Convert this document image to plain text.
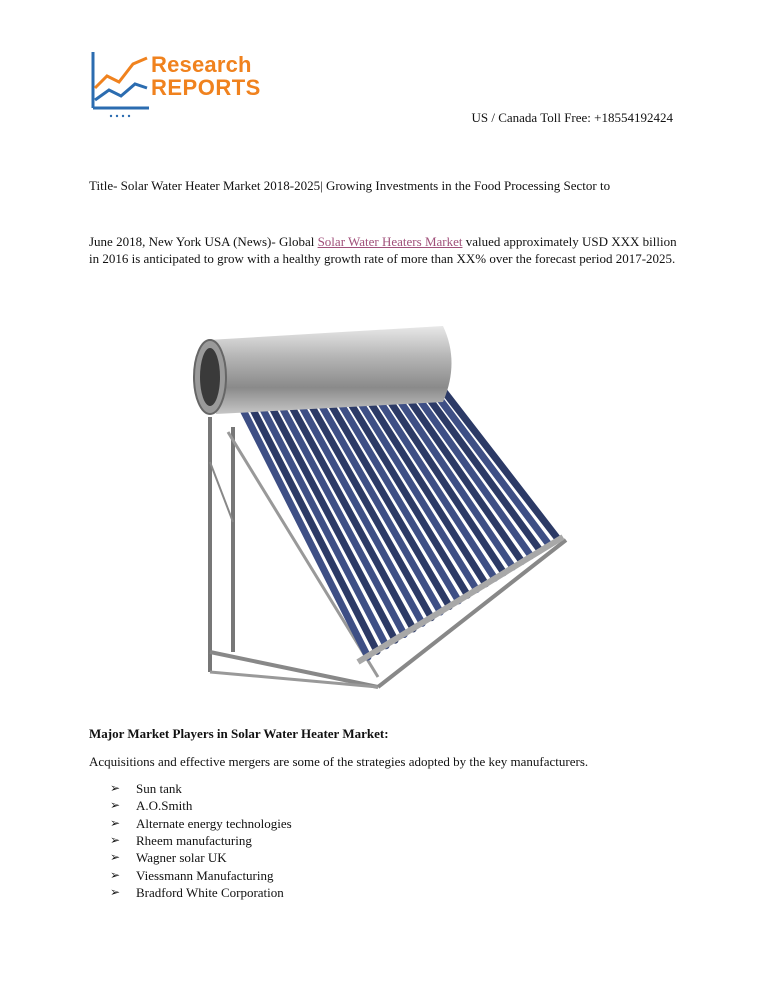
Research
REPORTS
US / Canada Toll Free: +18554192424
Title- Solar Water Heater Market 2018-2025| Growing Investments in the Food Processing Sector to
June 2018, New York USA (News)- Global Solar Water Heaters Market valued approximately USD XXX billion in 2016 is anticipated to grow with a healthy growth rate of more than XX% over the forecast period 2017-2025.
Major Market Players in Solar Water Heater Market:
Acquisitions and effective mergers are some of the strategies adopted by the key manufacturers.
➢	Sun tank
➢	A.O.Smith
➢	Alternate energy technologies
➢	Rheem manufacturing
➢	Wagner solar UK
➢	Viessmann Manufacturing
➢	Bradford White Corporation
